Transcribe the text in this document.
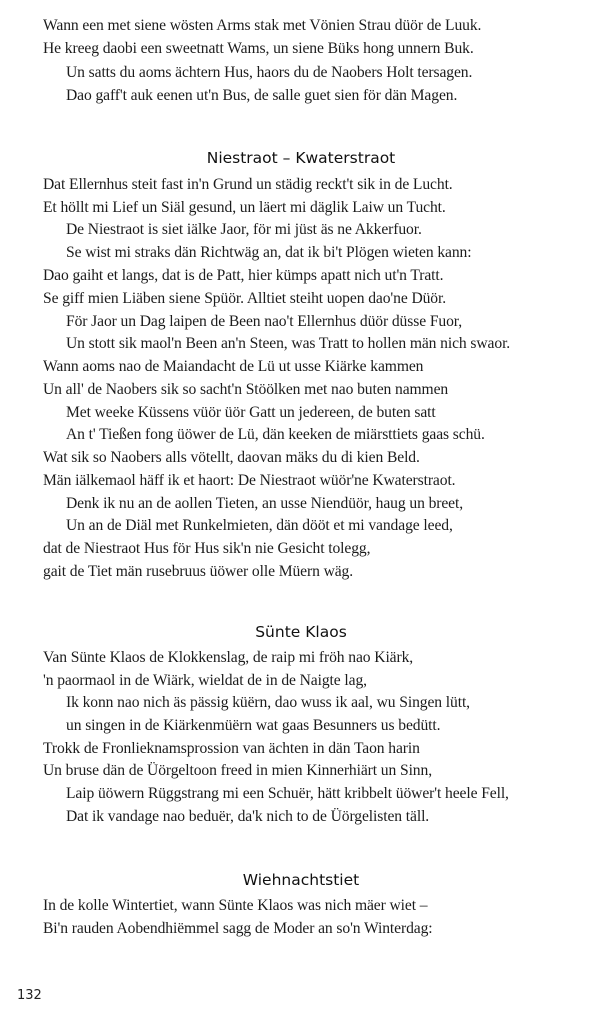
Wann een met siene wösten Arms stak met Vönien Strau düör de Luuk.
He kreeg daobi een sweetnatt Wams, un siene Büks hong unnern Buk.
Un satts du aoms ächtern Hus, haors du de Naobers Holt tersagen.
Dao gaff't auk eenen ut'n Bus, de salle guet sien för dän Magen.
Niestraot – Kwaterstraot
Dat Ellernhus steit fast in'n Grund un städig reckt't sik in de Lucht.
Et höllt mi Lief un Siäl gesund, un läert mi däglik Laiw un Tucht.
De Niestraot is siet iälke Jaor, för mi jüst äs ne Akkerfuor.
Se wist mi straks dän Richtwäg an, dat ik bi't Plögen wieten kann:
Dao gaiht et langs, dat is de Patt, hier kümps apatt nich ut'n Tratt.
Se giff mien Liäben siene Spüör. Alltiet steiht uopen dao'ne Düör.
För Jaor un Dag laipen de Been nao't Ellernhus düör düsse Fuor,
Un stott sik maol'n Been an'n Steen, was Tratt to hollen män nich swaor.
Wann aoms nao de Maiandacht de Lü ut usse Kiärke kammen
Un all' de Naobers sik so sacht'n Stöölken met nao buten nammen
Met weeke Küssens vüör üör Gatt un jedereen, de buten satt
An t' Tießen fong üöwer de Lü, dän keeken de miärsttiets gaas schü.
Wat sik so Naobers alls vötellt, daovan mäks du di kien Beld.
Män iälkemaol häff ik et haort: De Niestraot wüör'ne Kwaterstraot.
Denk ik nu an de aollen Tieten, an usse Niendüör, haug un breet,
Un an de Diäl met Runkelmieten, dän dööt et mi vandage leed,
dat de Niestraot Hus för Hus sik'n nie Gesicht tolegg,
gait de Tiet män rusebruus üöwer olle Müern wäg.
Sünte Klaos
Van Sünte Klaos de Klokkenslag, de raip mi fröh nao Kiärk,
'n paormaol in de Wiärk, wieldat de in de Naigte lag,
Ik konn nao nich äs pässig küërn, dao wuss ik aal, wu Singen lütt,
un singen in de Kiärkenmüërn wat gaas Besunners us bedütt.
Trokk de Fronlieknamsprossion van ächten in dän Taon harin
Un bruse dän de Üörgeltoon freed in mien Kinnerhiärt un Sinn,
Laip üöwern Rüggstrang mi een Schuër, hätt kribbelt üöwer't heele Fell,
Dat ik vandage nao beduër, da'k nich to de Üörgelisten täll.
Wiehnachtstiet
In de kolle Wintertiet, wann Sünte Klaos was nich mäer wiet –
Bi'n rauden Aobendhiëmmel sagg de Moder an so'n Winterdag:
132
